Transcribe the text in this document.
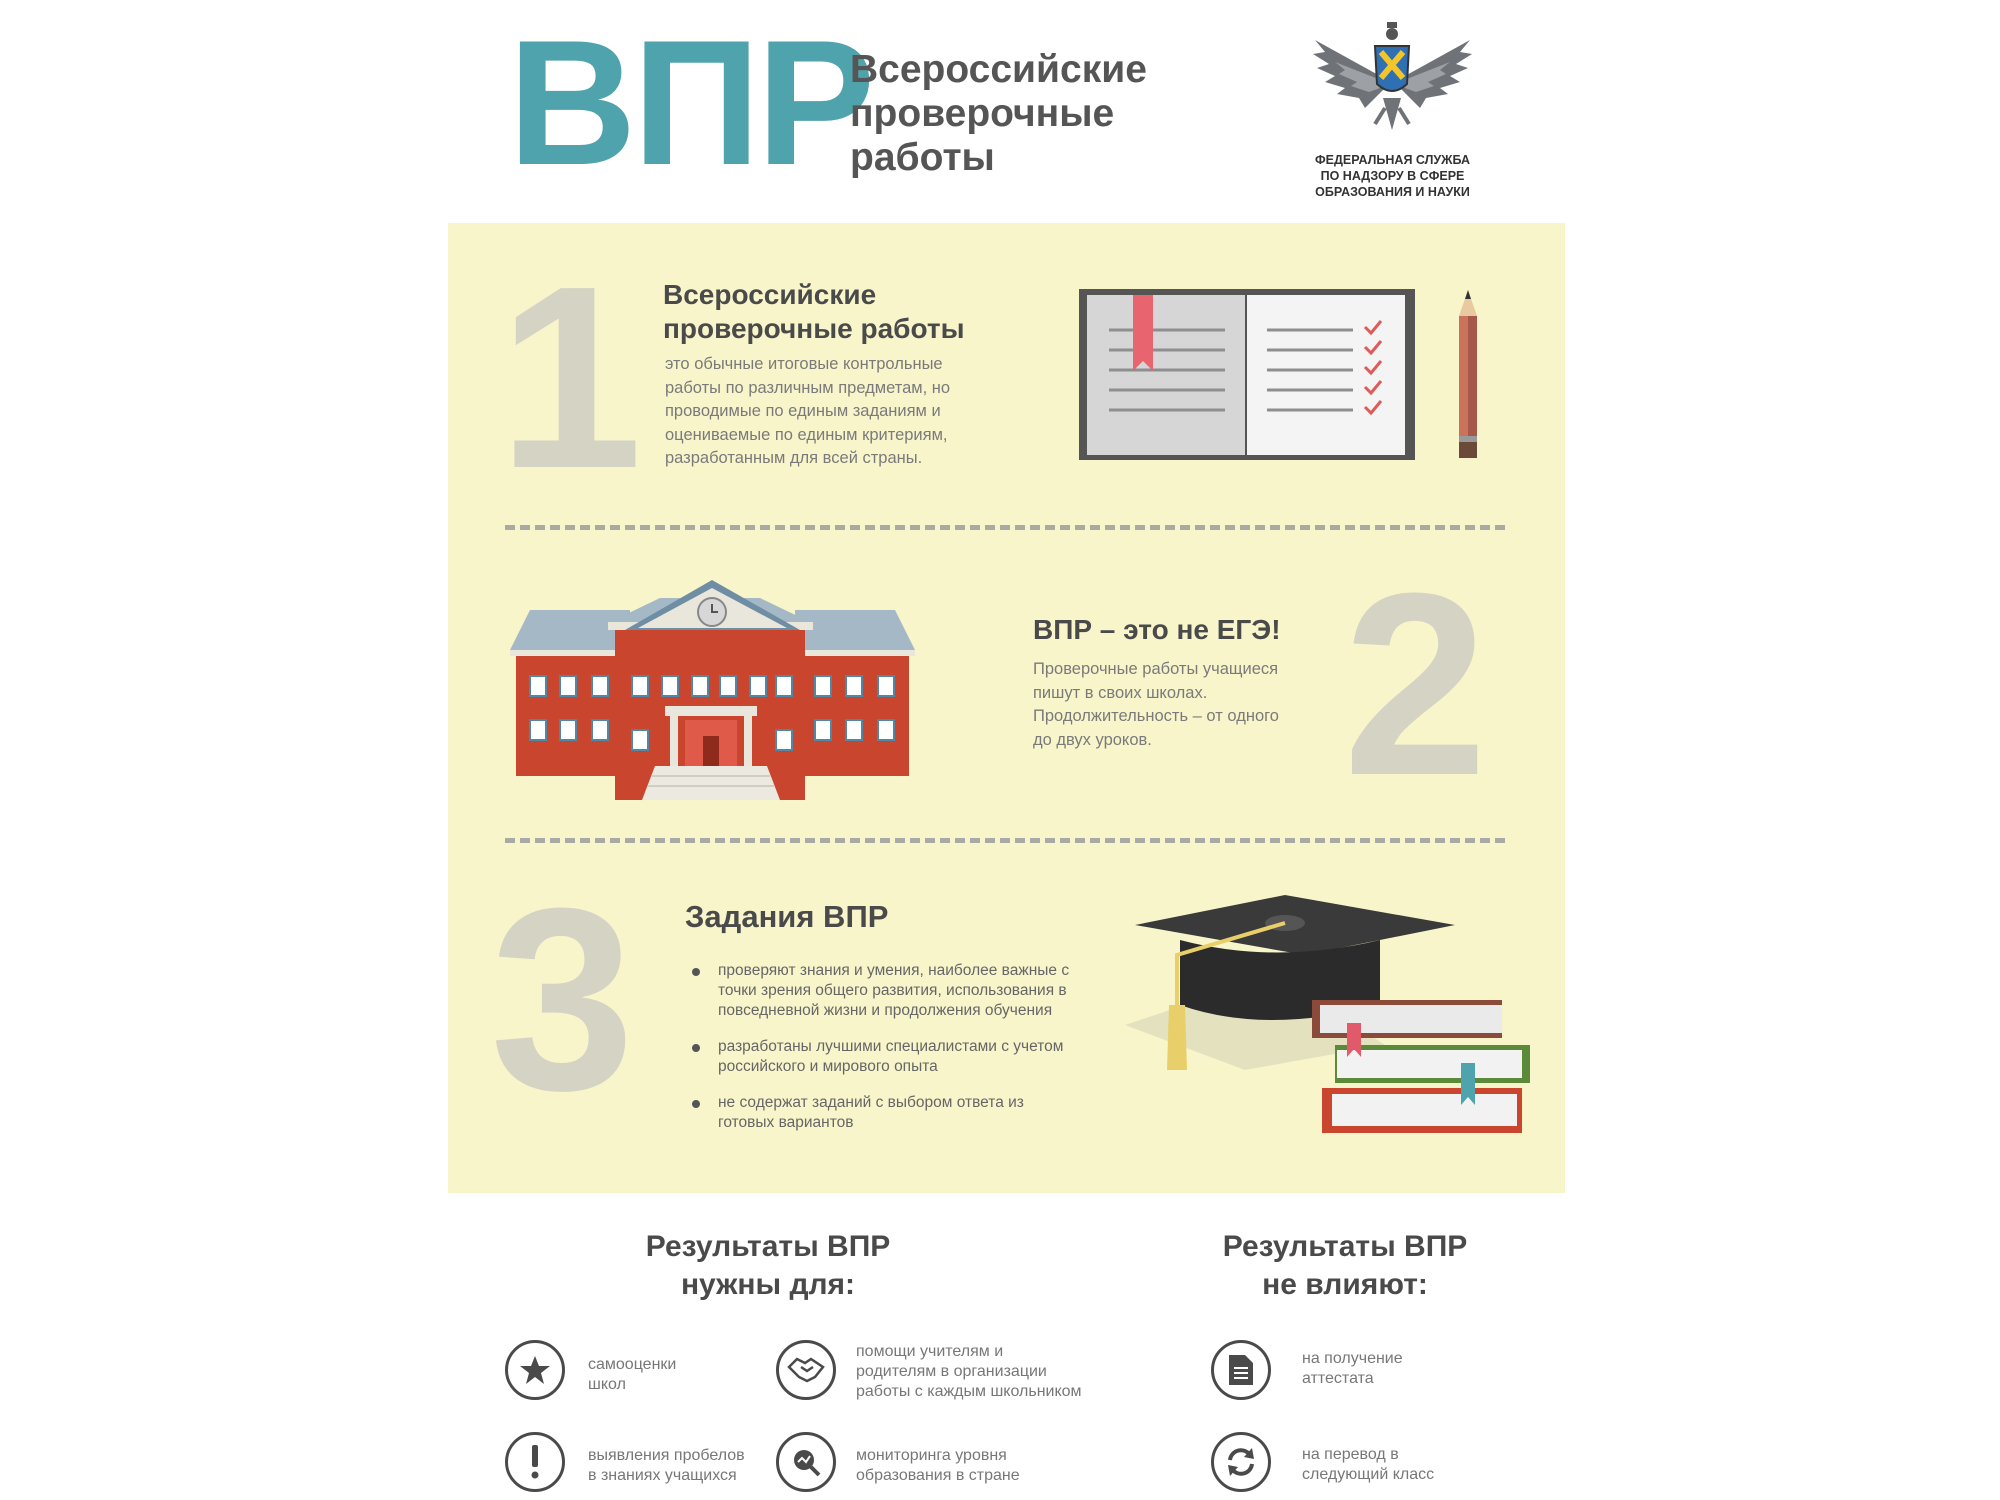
ВПР
Всероссийские проверочные работы	ФЕДЕРАЛЬНАЯ СЛУЖБА
ПО НАДЗОРУ В СФЕРЕ
ОБРАЗОВАНИЯ И НАУКИ
1 Всероссийские
проверочные работы
это обычные итоговые контрольные
работы по различным предметам, но
проводимые по единым заданиям и
оцениваемые по единым критериям,
разработанным для всей страны.
ВПР – это не ЕГЭ!
Проверочные работы учащиеся
пишут в своих школах.
Продолжительность – от одного
до двух уроков. 2
3 Задания ВПР
проверяют знания и умения, наиболее важные с
точки зрения общего развития, использования в
повседневной жизни и продолжения обучения
разработаны лучшими специалистами с учетом
российского и мирового опыта
не содержат заданий с выбором ответа из
готовых вариантов
Результаты ВПР
нужны для:
Результаты ВПР
не влияют:
самооценки
школ
помощи учителям и
родителям в организации
работы с каждым школьником
выявления пробелов
в знаниях учащихся
мониторинга уровня
образования в стране
на получение
аттестата
на перевод в
следующий класс
